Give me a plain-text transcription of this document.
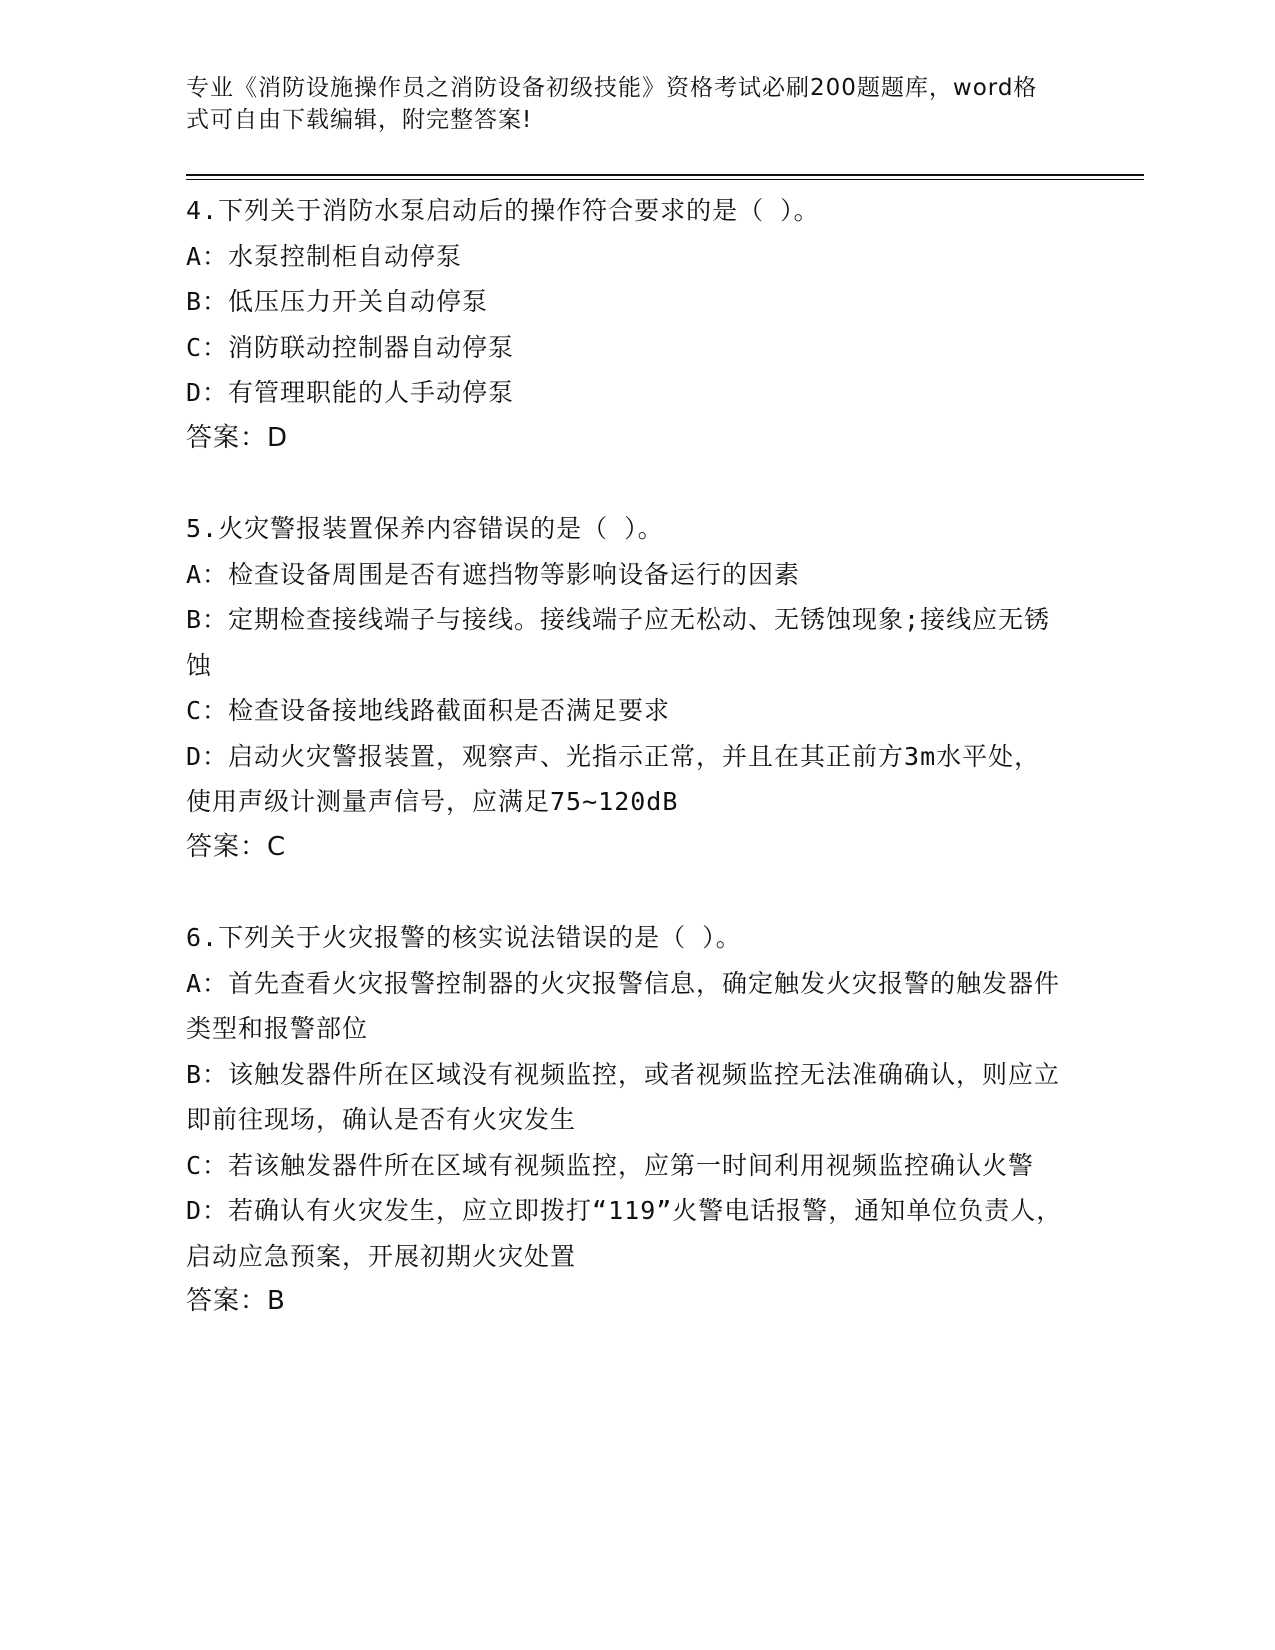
专业《消防设施操作员之消防设备初级技能》资格考试必刷200题题库，word格
式可自由下载编辑，附完整答案!

4.下列关于消防水泵启动后的操作符合要求的是（ ）。

A：水泵控制柜自动停泵

B：低压压力开关自动停泵

C：消防联动控制器自动停泵

D：有管理职能的人手动停泵

答案：D

5.火灾警报装置保养内容错误的是（ ）。

A：检查设备周围是否有遮挡物等影响设备运行的因素

B：定期检查接线端子与接线。接线端子应无松动、无锈蚀现象;接线应无锈蚀

C：检查设备接地线路截面积是否满足要求

D：启动火灾警报装置，观察声、光指示正常，并且在其正前方3m水平处，使用声级计测量声信号，应满足75~120dB

答案：C

6.下列关于火灾报警的核实说法错误的是（ ）。

A：首先查看火灾报警控制器的火灾报警信息，确定触发火灾报警的触发器件类型和报警部位

B：该触发器件所在区域没有视频监控，或者视频监控无法准确确认，则应立即前往现场，确认是否有火灾发生

C：若该触发器件所在区域有视频监控，应第一时间利用视频监控确认火警

D：若确认有火灾发生，应立即拨打“119”火警电话报警，通知单位负责人，启动应急预案，开展初期火灾处置

答案：B
